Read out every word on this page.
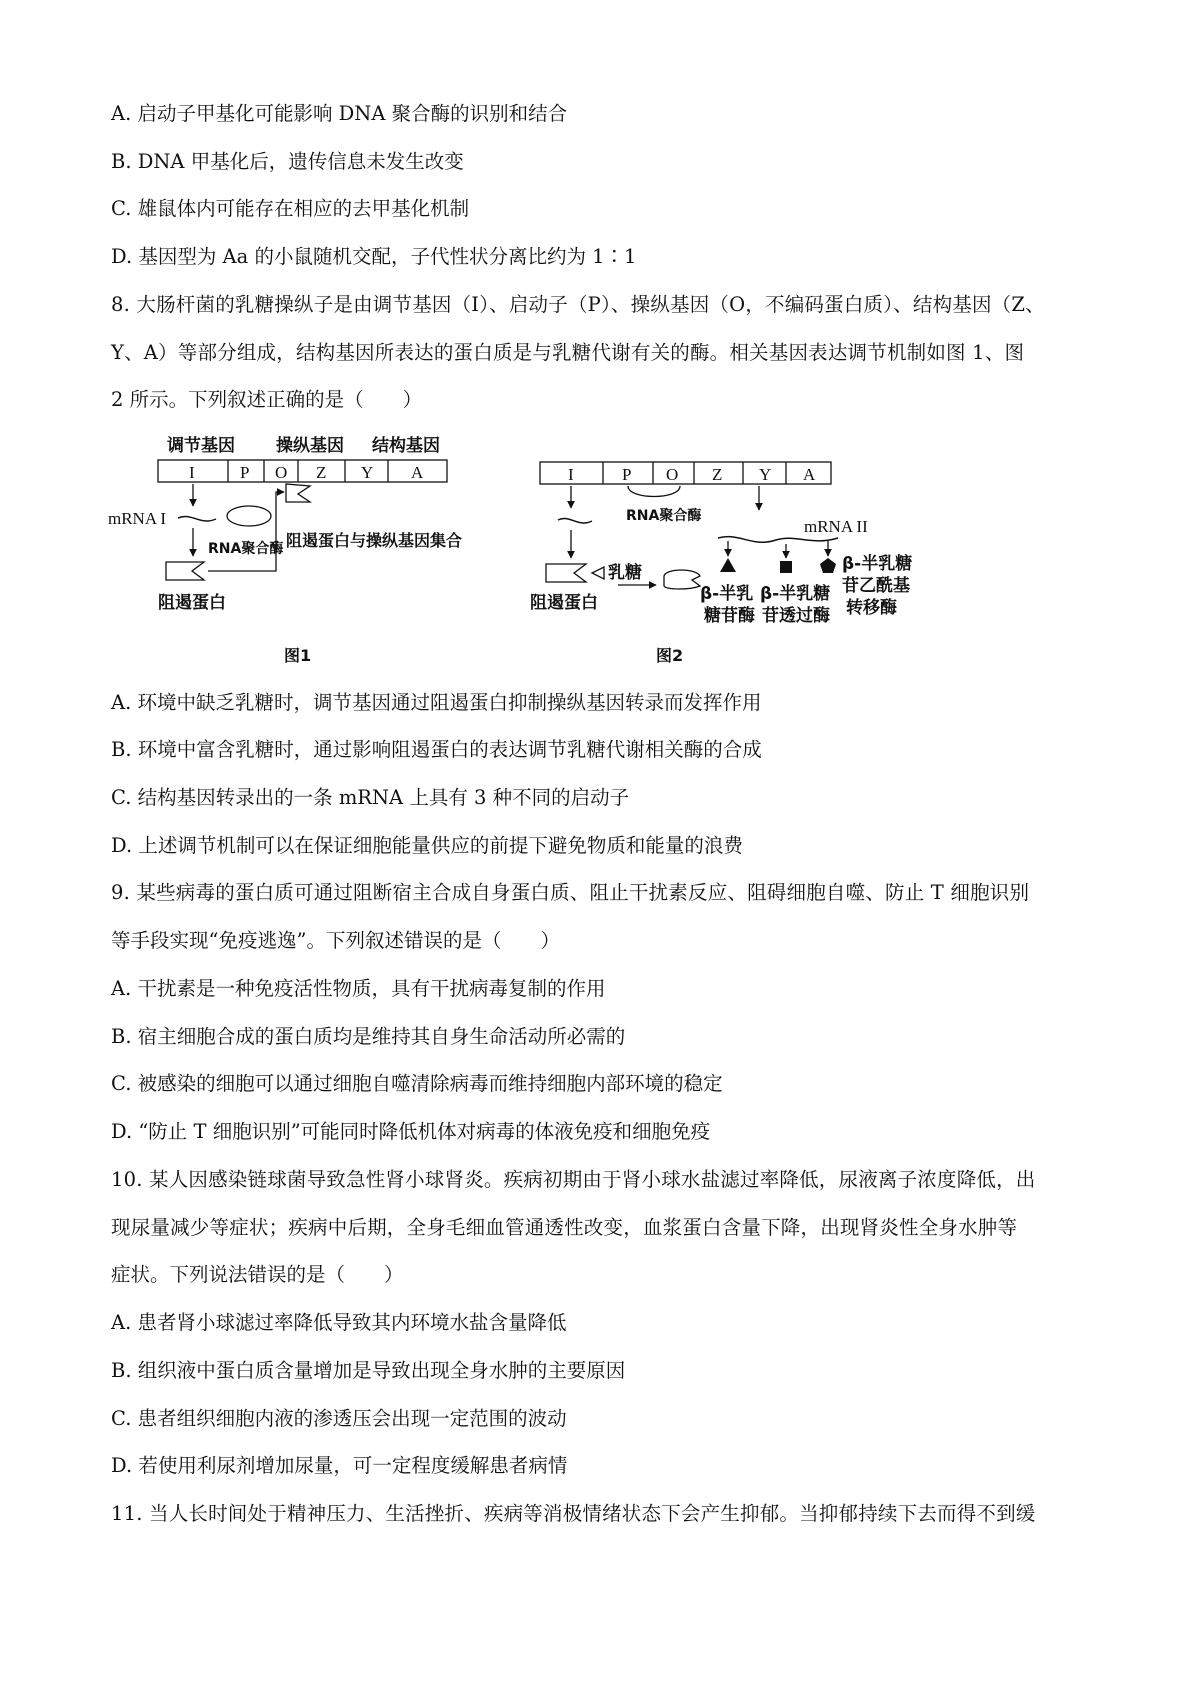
A. 启动子甲基化可能影响 DNA 聚合酶的识别和结合
B. DNA 甲基化后，遗传信息未发生改变
C. 雄鼠体内可能存在相应的去甲基化机制
D. 基因型为 Aa 的小鼠随机交配，子代性状分离比约为 1∶1
8. 大肠杆菌的乳糖操纵子是由调节基因（I）、启动子（P）、操纵基因（O，不编码蛋白质）、结构基因（Z、
Y、A）等部分组成，结构基因所表达的蛋白质是与乳糖代谢有关的酶。相关基因表达调节机制如图 1、图
2 所示。下列叙述正确的是（　　）
调节基因 操纵基因 结构基因
I	P O Z Y A
mRNA I
RNA聚合酶
阻遏蛋白
阻遏蛋白与操纵基因集合
图1
I	P O Z Y A
RNA聚合酶
阻遏蛋白
乳糖
mRNA II
β-半乳
糖苷酶
β-半乳糖
苷透过酶
β-半乳糖
苷乙酰基
转移酶
图2
A. 环境中缺乏乳糖时，调节基因通过阻遏蛋白抑制操纵基因转录而发挥作用
B. 环境中富含乳糖时，通过影响阻遏蛋白的表达调节乳糖代谢相关酶的合成
C. 结构基因转录出的一条 mRNA 上具有 3 种不同的启动子
D. 上述调节机制可以在保证细胞能量供应的前提下避免物质和能量的浪费
9. 某些病毒的蛋白质可通过阻断宿主合成自身蛋白质、阻止干扰素反应、阻碍细胞自噬、防止 T 细胞识别
等手段实现“免疫逃逸”。下列叙述错误的是（　　）
A. 干扰素是一种免疫活性物质，具有干扰病毒复制的作用
B. 宿主细胞合成的蛋白质均是维持其自身生命活动所必需的
C. 被感染的细胞可以通过细胞自噬清除病毒而维持细胞内部环境的稳定
D. “防止 T 细胞识别”可能同时降低机体对病毒的体液免疫和细胞免疫
10. 某人因感染链球菌导致急性肾小球肾炎。疾病初期由于肾小球水盐滤过率降低，尿液离子浓度降低，出
现尿量减少等症状；疾病中后期，全身毛细血管通透性改变，血浆蛋白含量下降，出现肾炎性全身水肿等
症状。下列说法错误的是（　　）
A. 患者肾小球滤过率降低导致其内环境水盐含量降低
B. 组织液中蛋白质含量增加是导致出现全身水肿的主要原因
C. 患者组织细胞内液的渗透压会出现一定范围的波动
D. 若使用利尿剂增加尿量，可一定程度缓解患者病情
11. 当人长时间处于精神压力、生活挫折、疾病等消极情绪状态下会产生抑郁。当抑郁持续下去而得不到缓
